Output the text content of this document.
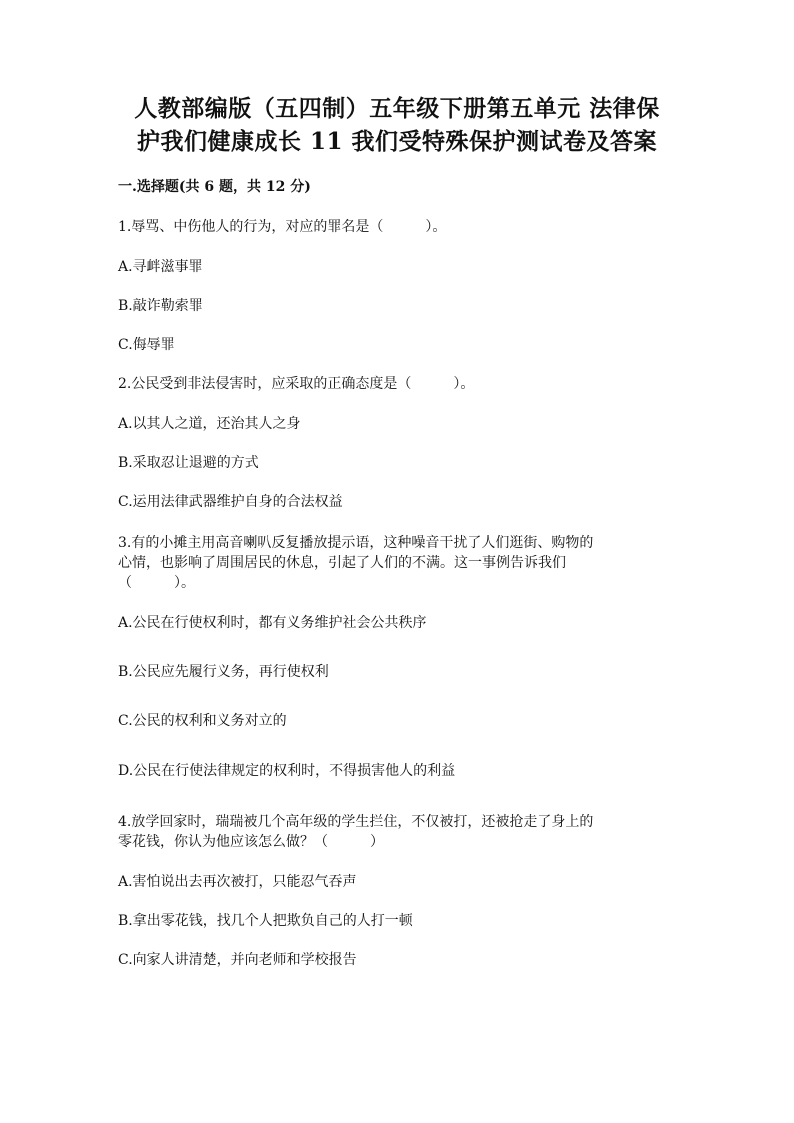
人教部编版（五四制）五年级下册第五单元 法律保
护我们健康成长 11 我们受特殊保护测试卷及答案
一.选择题(共 6 题，共 12 分)
1.辱骂、中伤他人的行为，对应的罪名是（　　　）。
A.寻衅滋事罪
B.敲诈勒索罪
C.侮辱罪
2.公民受到非法侵害时，应采取的正确态度是（　　　）。
A.以其人之道，还治其人之身
B.采取忍让退避的方式
C.运用法律武器维护自身的合法权益
3.有的小摊主用高音喇叭反复播放提示语，这种噪音干扰了人们逛街、购物的
心情，也影响了周围居民的休息，引起了人们的不满。这一事例告诉我们
（　　　）。
A.公民在行使权利时，都有义务维护社会公共秩序
B.公民应先履行义务，再行使权利
C.公民的权利和义务对立的
D.公民在行使法律规定的权利时，不得损害他人的利益
4.放学回家时，瑞瑞被几个高年级的学生拦住，不仅被打，还被抢走了身上的
零花钱，你认为他应该怎么做？（　　　）
A.害怕说出去再次被打，只能忍气吞声
B.拿出零花钱，找几个人把欺负自己的人打一顿
C.向家人讲清楚，并向老师和学校报告
